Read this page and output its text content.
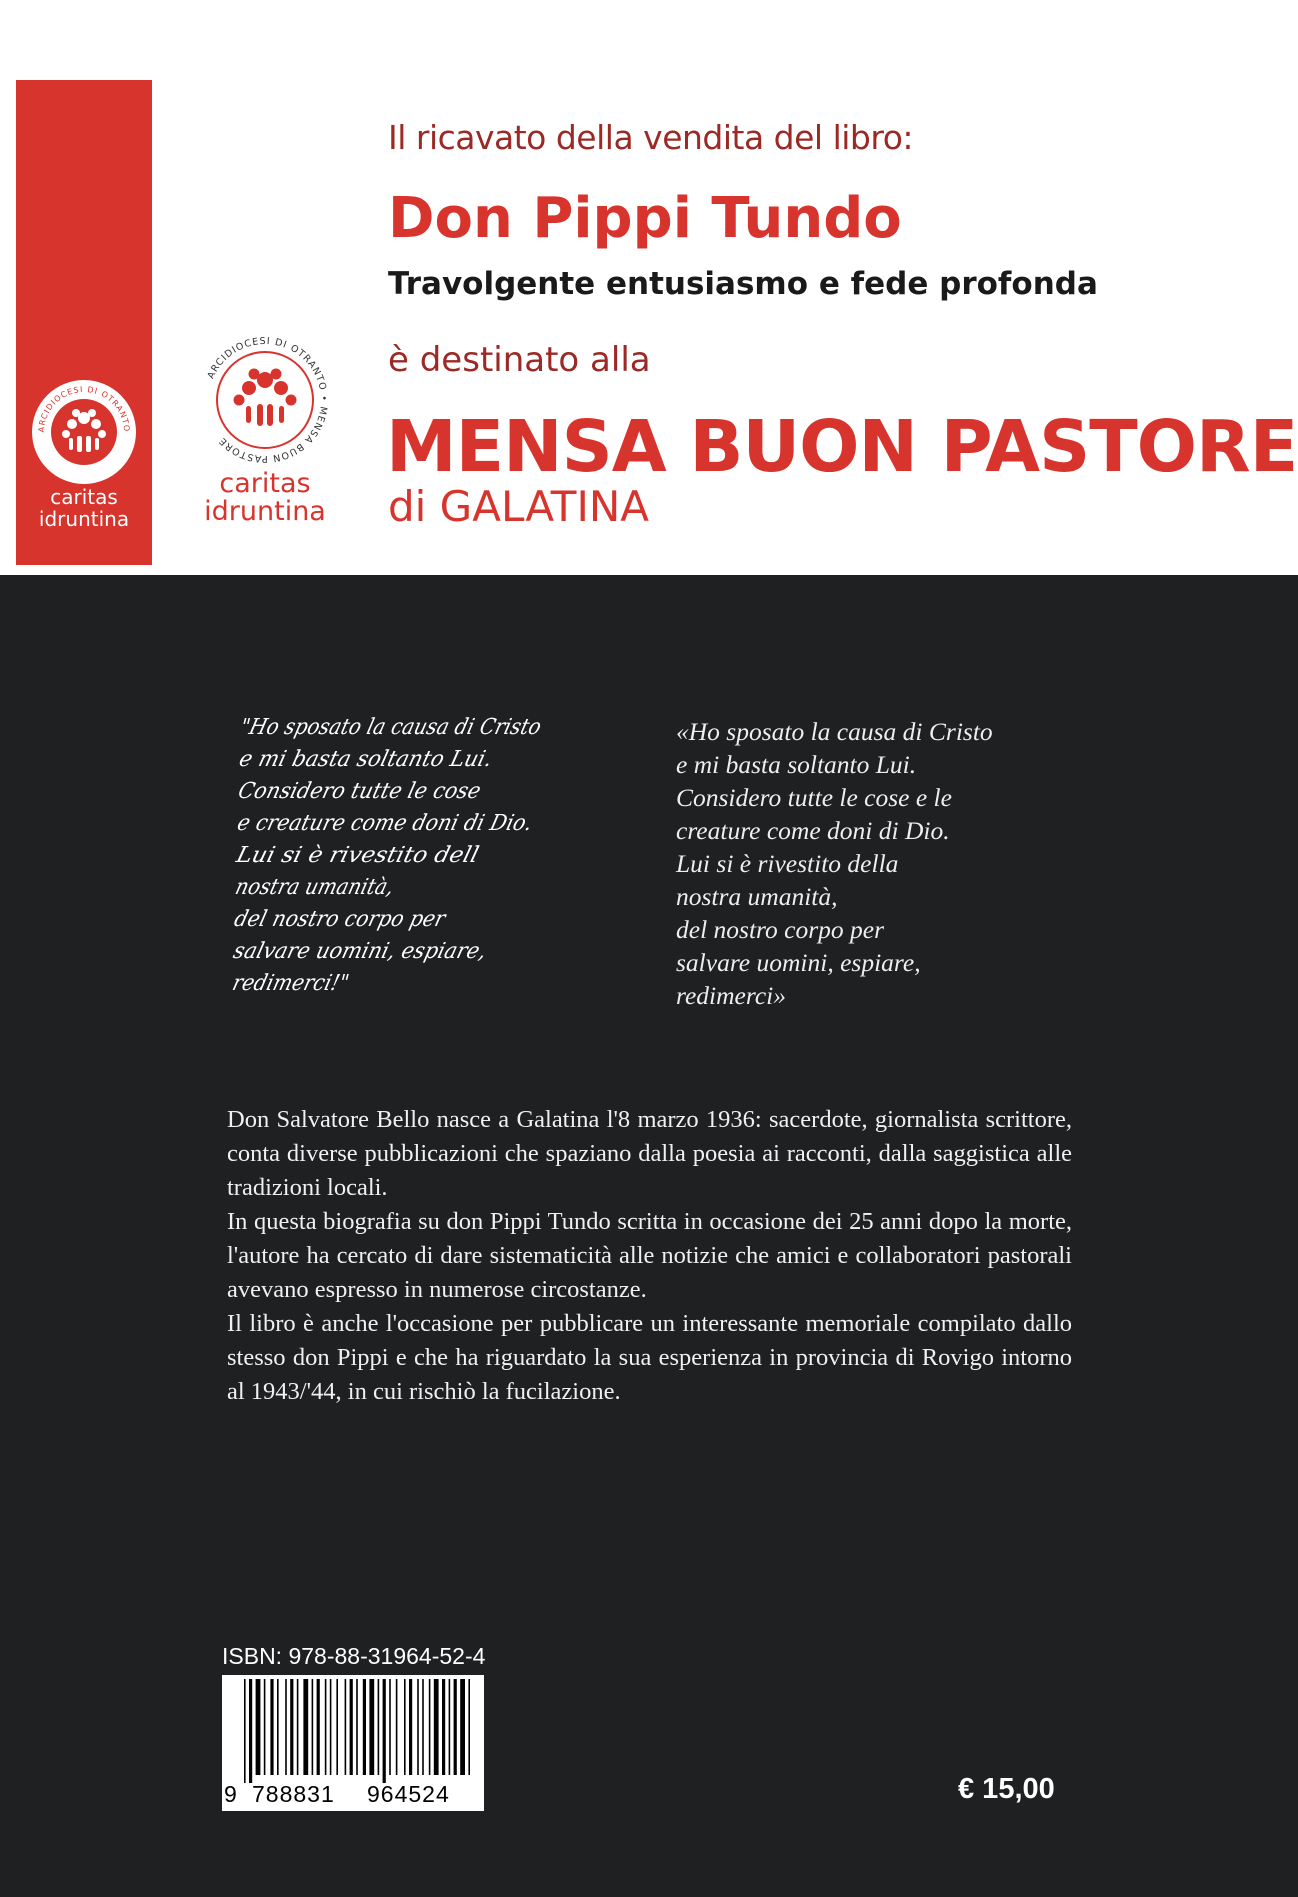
ARCIDIOCESI DI OTRANTO
caritas
idruntina
ARCIDIOCESI DI OTRANTO • MENSA BUON PASTORE
caritas
idruntina
Il ricavato della vendita del libro:
Don Pippi Tundo
Travolgente entusiasmo e fede profonda
è destinato alla
MENSA BUON PASTORE
di GALATINA
"Ho sposato la causa di Cristo
e mi basta soltanto Lui.
Considero tutte le cose
e creature come doni di Dio.
Lui si è rivestito dell
nostra umanità,
del nostro corpo per
salvare uomini, espiare,
redimerci!"
«Ho sposato la causa di Cristo
e mi basta soltanto Lui.
Considero tutte le cose e le
creature come doni di Dio.
Lui si è rivestito della
nostra umanità,
del nostro corpo per
salvare uomini, espiare,
redimerci»

Don Salvatore Bello nasce a Galatina l'8 marzo 1936: sacerdote, giornalista scrittore, conta diverse pubblicazioni che spaziano dalla poesia ai racconti, dalla saggistica alle tradizioni locali.

In questa biografia su don Pippi Tundo scritta in occasione dei 25 anni dopo la morte, l'autore ha cercato di dare sistematicità alle notizie che amici e collaboratori pastorali avevano espresso in numerose circostanze.

Il libro è anche l'occasione per pubblicare un interessante memoriale compilato dallo stesso don Pippi e che ha riguardato la sua esperienza in provincia di Rovigo intorno al 1943/'44, in cui rischiò la fucilazione.

ISBN: 978-88-31964-52-4
9 788831 964524	€ 15,00
